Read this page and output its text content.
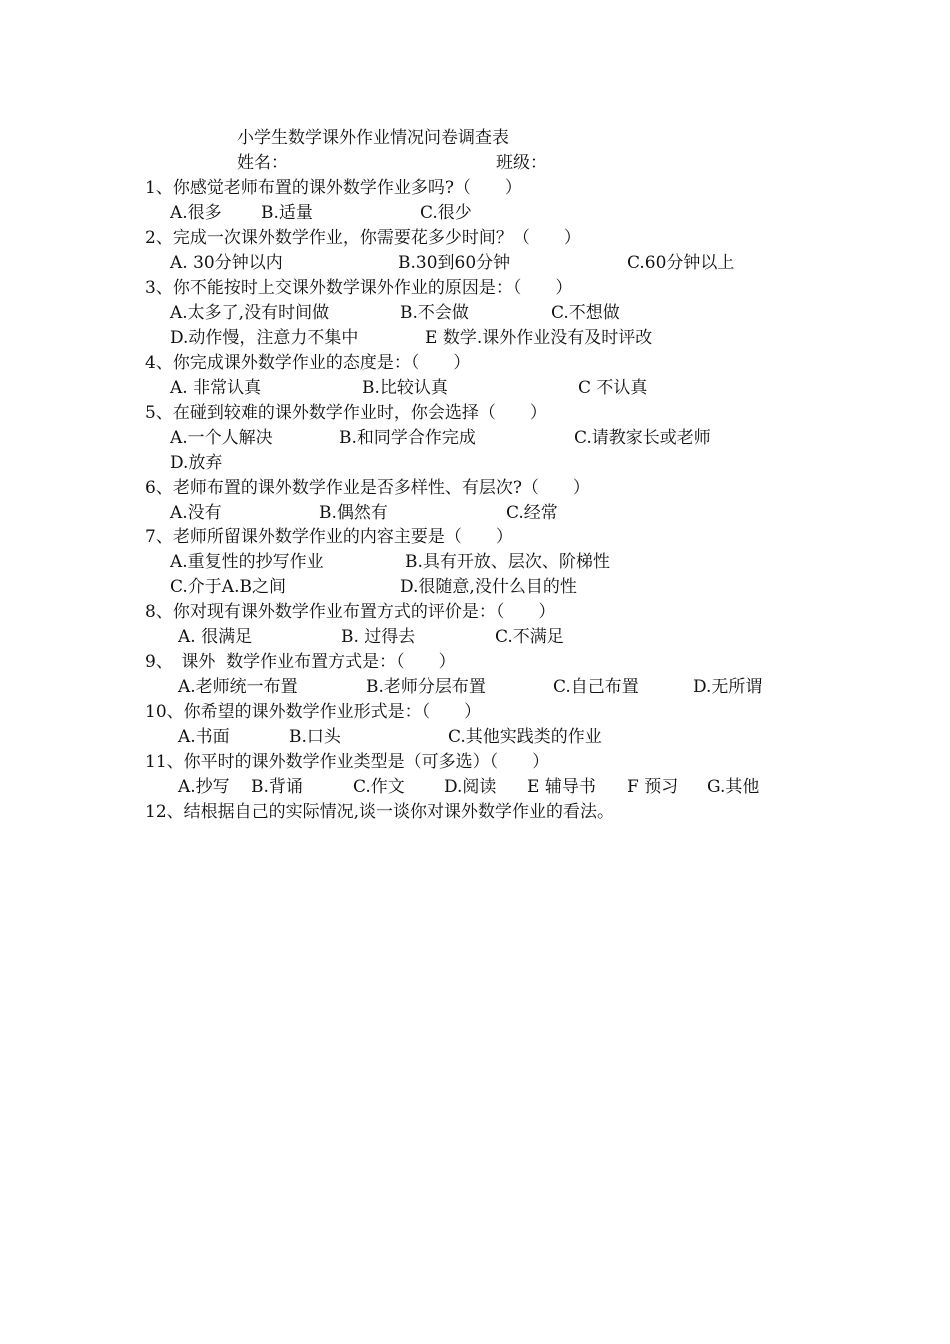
小学生数学课外作业情况问卷调查表
姓名：	班级：
1、你感觉老师布置的课外数学作业多吗?（　　）
A.很多 B.适量	C.很少
2、完成一次课外数学作业，你需要花多少时间？（　　）
A. 30分钟以内	B.30到60分钟	C.60分钟以上
3、你不能按时上交课外数学课外作业的原因是：（　　）
A.太多了,没有时间做	B.不会做	C.不想做
D.动作慢，注意力不集中	E 数学.课外作业没有及时评改
4、你完成课外数学作业的态度是：（　　）
A. 非常认真	B.比较认真	C 不认真
5、在碰到较难的课外数学作业时，你会选择（　　）
A.一个人解决	B.和同学合作完成	C.请教家长或老师
D.放弃
6、老师布置的课外数学作业是否多样性、有层次?（　　）
A.没有	B.偶然有	C.经常
7、老师所留课外数学作业的内容主要是（　　）
A.重复性的抄写作业	B.具有开放、层次、阶梯性
C.介于A.B之间	D.很随意,没什么目的性
8、你对现有课外数学作业布置方式的评价是：（　　）
A. 很满足	B. 过得去	C.不满足
9、　课外  数学作业布置方式是：（　　）
A.老师统一布置	B.老师分层布置	C.自己布置	D.无所谓
10、你希望的课外数学作业形式是：（　　）
A.书面	B.口头	C.其他实践类的作业
11、你平时的课外数学作业类型是（可多选）（　　）
A.抄写 B.背诵	C.作文 D.阅读 E 辅导书 F 预习 G.其他
12、结根据自己的实际情况,谈一谈你对课外数学作业的看法。
